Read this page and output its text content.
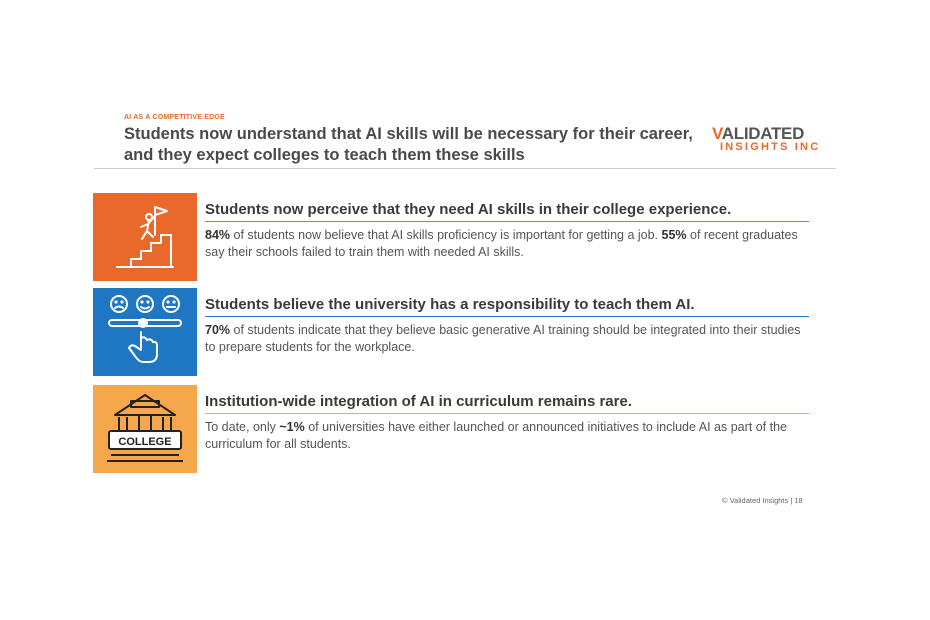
AI AS A COMPETITIVE EDGE
Students now understand that AI skills will be necessary for their career, and they expect colleges to teach them these skills
VALIDATED
INSIGHTS INC
Students now perceive that they need AI skills in their college experience.
84% of students now believe that AI skills proficiency is important for getting a job. 55% of recent graduates say their schools failed to train them with needed AI skills.
Students believe the university has a responsibility to teach them AI.
70% of students indicate that they believe basic generative AI training should be integrated into their studies to prepare students for the workplace.
COLLEGE
Institution-wide integration of AI in curriculum remains rare.
To date, only ~1% of universities have either launched or announced initiatives to include AI as part of the curriculum for all students.
© Validated Insights | 18
